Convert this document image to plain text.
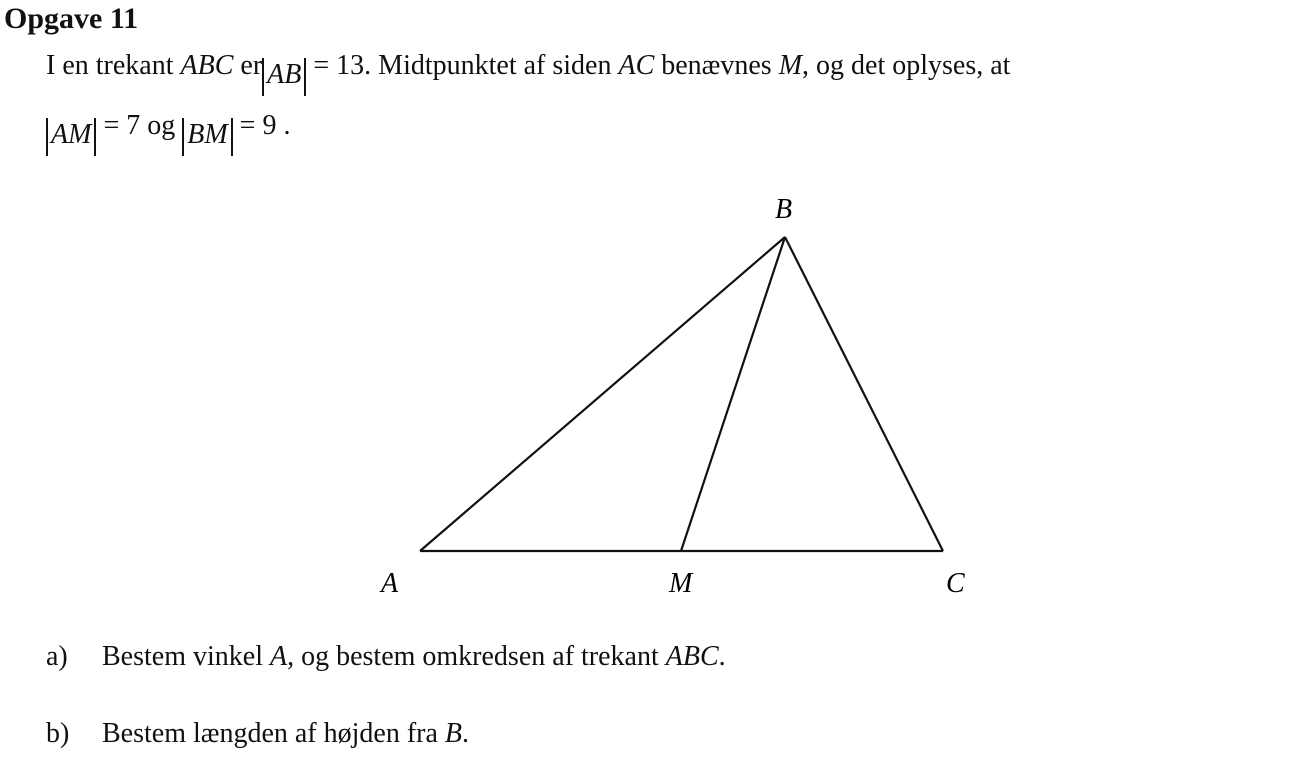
Opgave 11
I en trekant ABC er AB = 13. Midtpunktet af siden AC benævnes M, og det oplyses, at
AM = 7 og BM = 9 .
B
A	M	C
a) Bestem vinkel A, og bestem omkredsen af trekant ABC.
b) Bestem længden af højden fra B.
